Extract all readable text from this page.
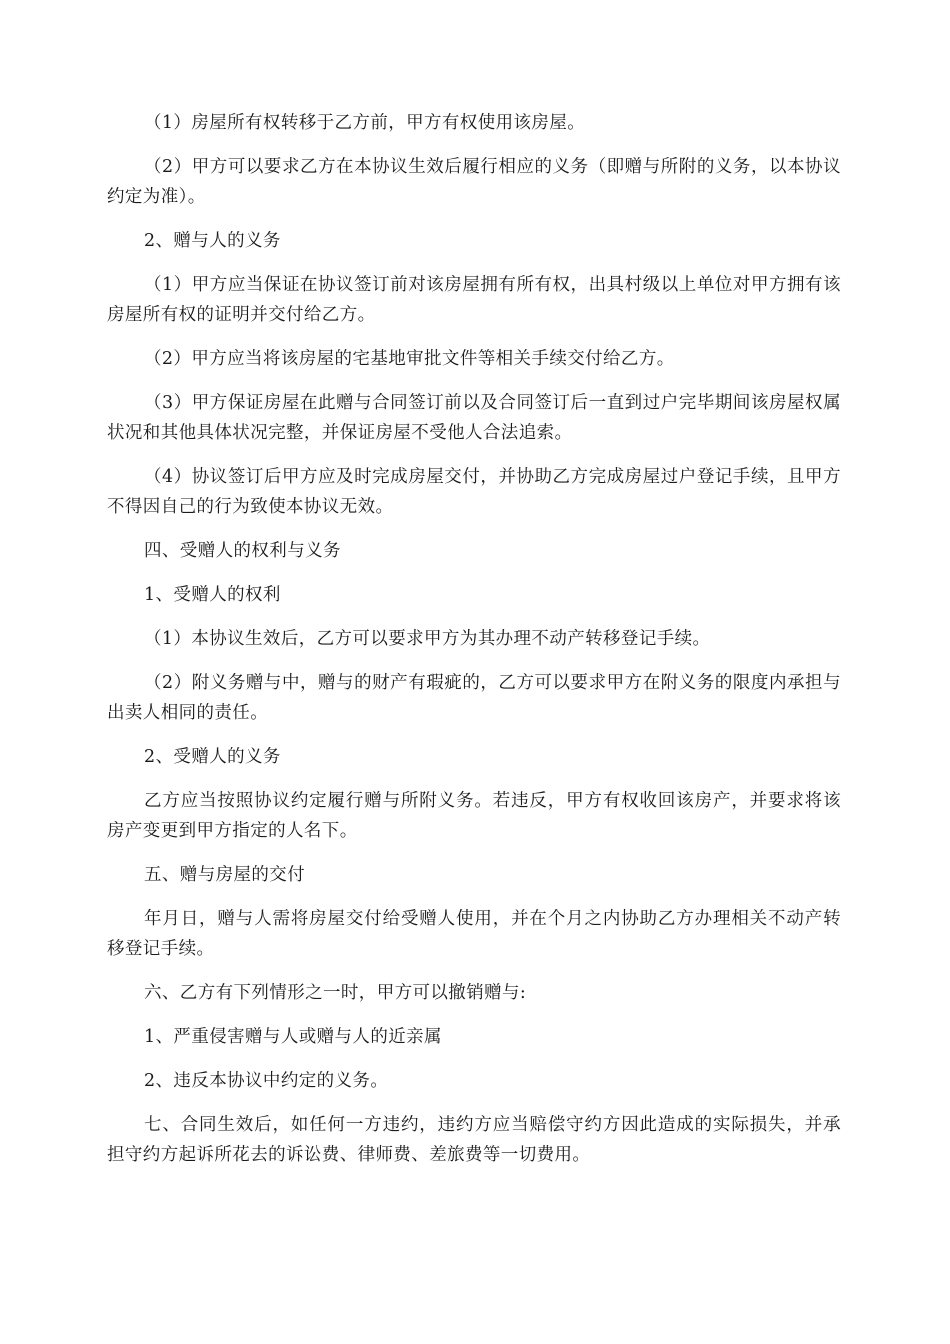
（1）房屋所有权转移于乙方前，甲方有权使用该房屋。

（2）甲方可以要求乙方在本协议生效后履行相应的义务（即赠与所附的义务，以本协议约定为准）。

2、赠与人的义务

（1）甲方应当保证在协议签订前对该房屋拥有所有权，出具村级以上单位对甲方拥有该房屋所有权的证明并交付给乙方。

（2）甲方应当将该房屋的宅基地审批文件等相关手续交付给乙方。

（3）甲方保证房屋在此赠与合同签订前以及合同签订后一直到过户完毕期间该房屋权属状况和其他具体状况完整，并保证房屋不受他人合法追索。

（4）协议签订后甲方应及时完成房屋交付，并协助乙方完成房屋过户登记手续，且甲方不得因自己的行为致使本协议无效。

四、受赠人的权利与义务

1、受赠人的权利

（1）本协议生效后，乙方可以要求甲方为其办理不动产转移登记手续。

（2）附义务赠与中，赠与的财产有瑕疵的，乙方可以要求甲方在附义务的限度内承担与出卖人相同的责任。

2、受赠人的义务

乙方应当按照协议约定履行赠与所附义务。若违反，甲方有权收回该房产，并要求将该房产变更到甲方指定的人名下。

五、赠与房屋的交付

年月日，赠与人需将房屋交付给受赠人使用，并在个月之内协助乙方办理相关不动产转移登记手续。

六、乙方有下列情形之一时，甲方可以撤销赠与:

1、严重侵害赠与人或赠与人的近亲属

2、违反本协议中约定的义务。

七、合同生效后，如任何一方违约，违约方应当赔偿守约方因此造成的实际损失，并承担守约方起诉所花去的诉讼费、律师费、差旅费等一切费用。
